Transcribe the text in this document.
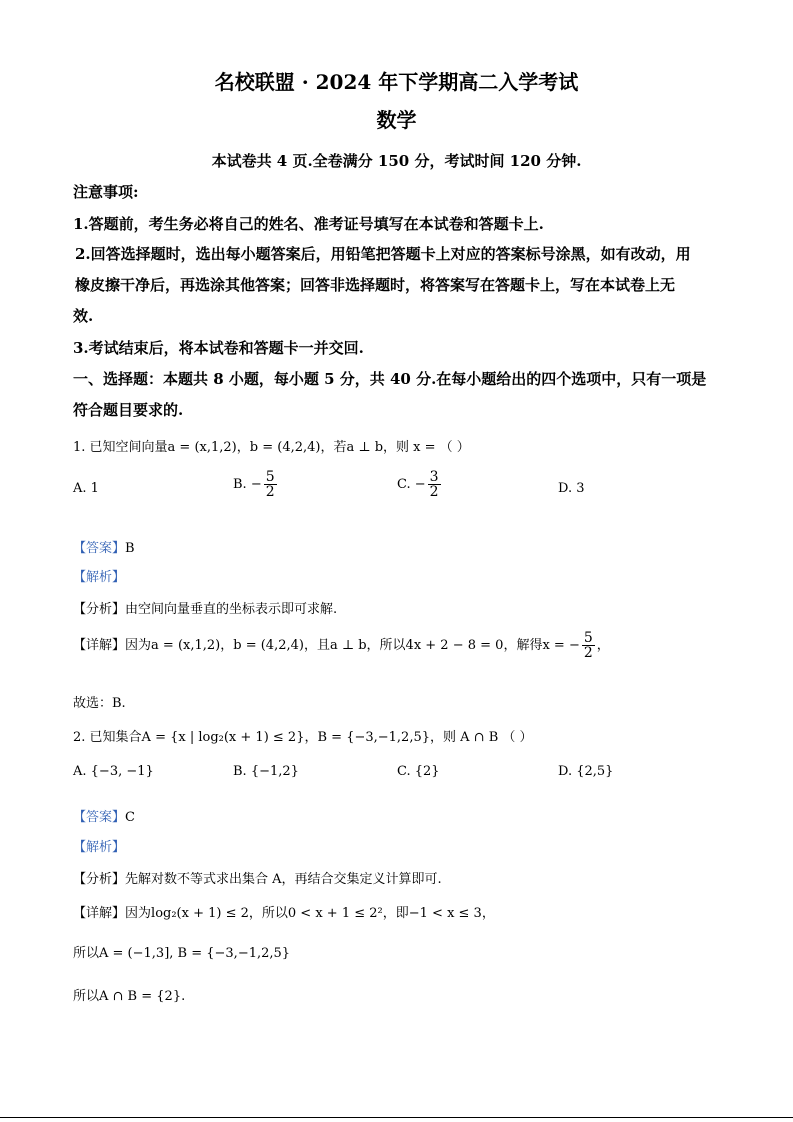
名校联盟 · 2024 年下学期高二入学考试
数学
本试卷共 4 页.全卷满分 150 分，考试时间 120 分钟.
注意事项:
1.答题前，考生务必将自己的姓名、准考证号填写在本试卷和答题卡上.
2.回答选择题时，选出每小题答案后，用铅笔把答题卡上对应的答案标号涂黑，如有改动，用
橡皮擦干净后，再选涂其他答案；回答非选择题时，将答案写在答题卡上，写在本试卷上无
效.
3.考试结束后，将本试卷和答题卡一并交回.
一、选择题：本题共 8 小题，每小题 5 分，共 40 分.在每小题给出的四个选项中，只有一项是
符合题目要求的.
1. 已知空间向量a = (x,1,2)，b = (4,2,4)，若a ⊥ b，则 x = （ ）
A. 1	B. − $\frac{5}{2}$	C. − $\frac{3}{2}$	D. 3
【答案】B
【解析】
【分析】由空间向量垂直的坐标表示即可求解.
【详解】因为a = (x,1,2)，b = (4,2,4)，且a ⊥ b，所以4x + 2 − 8 = 0，解得x = − $\frac{5}{2}$ ，
故选：B.
2. 已知集合A = {x | log₂(x + 1) ≤ 2}，B = {−3,−1,2,5}，则 A ∩ B （ ）
A. {−3, −1}	B. {−1,2}	C. {2}	D. {2,5}
【答案】C
【解析】
【分析】先解对数不等式求出集合 A，再结合交集定义计算即可.
【详解】因为log₂(x + 1) ≤ 2，所以0 < x + 1 ≤ 2²，即−1 < x ≤ 3，
所以A = (−1,3], B = {−3,−1,2,5}
所以A ∩ B = {2}.
